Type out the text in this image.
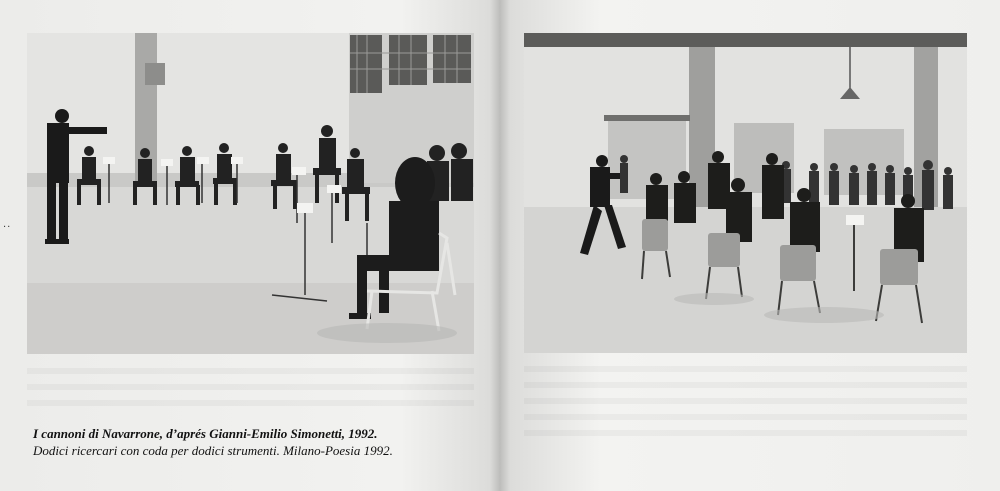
..
I cannoni di Navarrone, d’aprés Gianni-Emilio Simonetti, 1992.
Dodici ricercari con coda per dodici strumenti. Milano-Poesia 1992.
